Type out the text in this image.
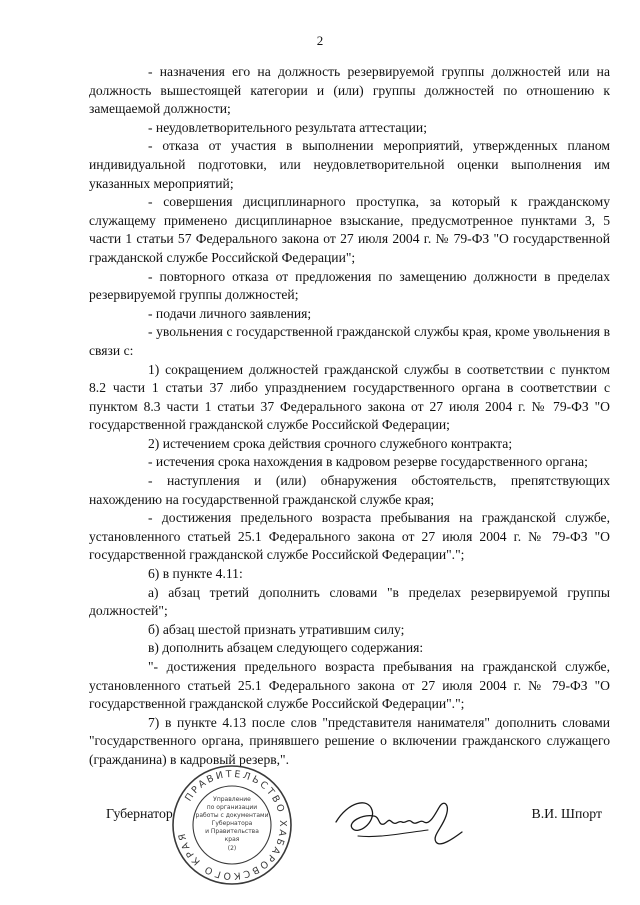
2

- назначения его на должность резервируемой группы должностей или на должность вышестоящей категории и (или) группы должностей по отношению к замещаемой должности;

- неудовлетворительного результата аттестации;

- отказа от участия в выполнении мероприятий, утвержденных планом индивидуальной подготовки, или неудовлетворительной оценки выполнения им указанных мероприятий;

- совершения дисциплинарного проступка, за который к гражданскому служащему применено дисциплинарное взыскание, предусмотренное пунктами 3, 5 части 1 статьи 57 Федерального закона от 27 июля 2004 г. № 79-ФЗ "О государственной гражданской службе Российской Федерации";

- повторного отказа от предложения по замещению должности в пределах резервируемой группы должностей;

- подачи личного заявления;

- увольнения с государственной гражданской службы края, кроме увольнения в связи с:

1) сокращением должностей гражданской службы в соответствии с пунктом 8.2 части 1 статьи 37 либо упразднением государственного органа в соответствии с пунктом 8.3 части 1 статьи 37 Федерального закона от 27 июля 2004 г. № 79-ФЗ "О государственной гражданской службе Российской Федерации;

2) истечением срока действия срочного служебного контракта;

- истечения срока нахождения в кадровом резерве государственного органа;

- наступления и (или) обнаружения обстоятельств, препятствующих нахождению на государственной гражданской службе края;

- достижения предельного возраста пребывания на гражданской службе, установленного статьей 25.1 Федерального закона от 27 июля 2004 г. № 79-ФЗ "О государственной гражданской службе Российской Федерации".";

6) в пункте 4.11:

а) абзац третий дополнить словами "в пределах резервируемой группы должностей";

б) абзац шестой признать утратившим силу;

в) дополнить абзацем следующего содержания:

"- достижения предельного возраста пребывания на гражданской службе, установленного статьей 25.1 Федерального закона от 27 июля 2004 г. № 79-ФЗ "О государственной гражданской службе Российской Федерации".";

7) в пункте 4.13 после слов "представителя нанимателя" дополнить словами "государственного органа, принявшего решение о включении гражданского служащего (гражданина) в кадровый резерв,".

Губернатор	В.И. Шпорт
ПРАВИТЕЛЬСТВО ХАБАРОВСКОГО КРАЯ
Управление
по организации
работы с документами
Губернатора
и Правительства
края
(2)
